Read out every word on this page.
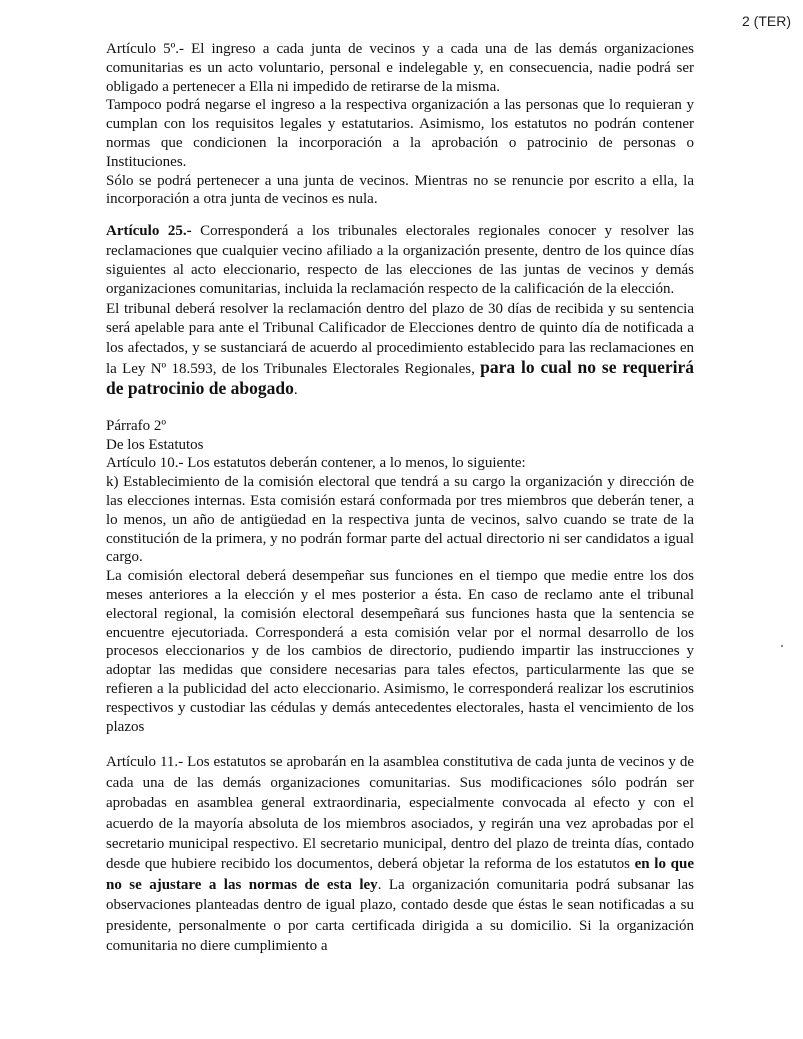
2 (TER)

Artículo 5º.- El ingreso a cada junta de vecinos y a cada una de las demás organizaciones comunitarias es un acto voluntario, personal e indelegable y, en consecuencia, nadie podrá ser obligado a pertenecer a Ella ni impedido de retirarse de la misma.

Tampoco podrá negarse el ingreso a la respectiva organización a las personas que lo requieran y cumplan con los requisitos legales y estatutarios. Asimismo, los estatutos no podrán contener normas que condicionen la incorporación a la aprobación o patrocinio de personas o Instituciones.

Sólo se podrá pertenecer a una junta de vecinos. Mientras no se renuncie por escrito a ella, la incorporación a otra junta de vecinos es nula.

Artículo 25.- Corresponderá a los tribunales electorales regionales conocer y resolver las reclamaciones que cualquier vecino afiliado a la organización presente, dentro de los quince días siguientes al acto eleccionario, respecto de las elecciones de las juntas de vecinos y demás organizaciones comunitarias, incluida la reclamación respecto de la calificación de la elección.

El tribunal deberá resolver la reclamación dentro del plazo de 30 días de recibida y su sentencia será apelable para ante el Tribunal Calificador de Elecciones dentro de quinto día de notificada a los afectados, y se sustanciará de acuerdo al procedimiento establecido para las reclamaciones en la Ley Nº 18.593, de los Tribunales Electorales Regionales, para lo cual no se requerirá de patrocinio de abogado.

Párrafo 2º

De los Estatutos

Artículo 10.- Los estatutos deberán contener, a lo menos, lo siguiente:

k) Establecimiento de la comisión electoral que tendrá a su cargo la organización y dirección de las elecciones internas. Esta comisión estará conformada por tres miembros que deberán tener, a lo menos, un año de antigüedad en la respectiva junta de vecinos, salvo cuando se trate de la constitución de la primera, y no podrán formar parte del actual directorio ni ser candidatos a igual cargo.

La comisión electoral deberá desempeñar sus funciones en el tiempo que medie entre los dos meses anteriores a la elección y el mes posterior a ésta. En caso de reclamo ante el tribunal electoral regional, la comisión electoral desempeñará sus funciones hasta que la sentencia se encuentre ejecutoriada. Corresponderá a esta comisión velar por el normal desarrollo de los procesos eleccionarios y de los cambios de directorio, pudiendo impartir las instrucciones y adoptar las medidas que considere necesarias para tales efectos, particularmente las que se refieren a la publicidad del acto eleccionario. Asimismo, le corresponderá realizar los escrutinios respectivos y custodiar las cédulas y demás antecedentes electorales, hasta el vencimiento de los plazos

Artículo 11.- Los estatutos se aprobarán en la asamblea constitutiva de cada junta de vecinos y de cada una de las demás organizaciones comunitarias. Sus modificaciones sólo podrán ser aprobadas en asamblea general extraordinaria, especialmente convocada al efecto y con el acuerdo de la mayoría absoluta de los miembros asociados, y regirán una vez aprobadas por el secretario municipal respectivo. El secretario municipal, dentro del plazo de treinta días, contado desde que hubiere recibido los documentos, deberá objetar la reforma de los estatutos en lo que no se ajustare a las normas de esta ley. La organización comunitaria podrá subsanar las observaciones planteadas dentro de igual plazo, contado desde que éstas le sean notificadas a su presidente, personalmente o por carta certificada dirigida a su domicilio. Si la organización comunitaria no diere cumplimiento a
